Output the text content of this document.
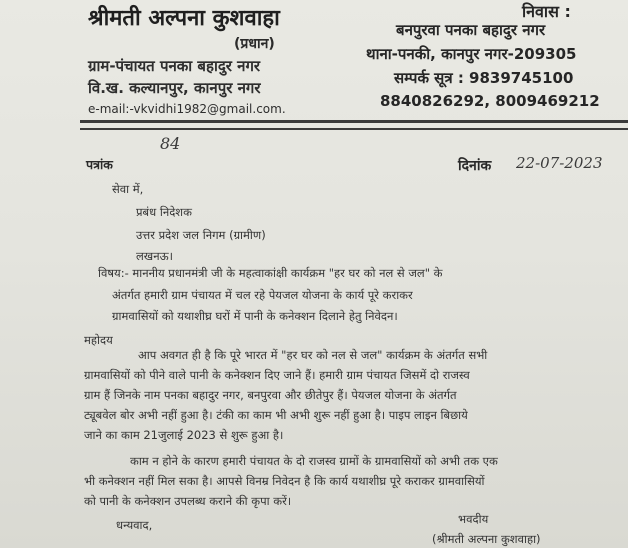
श्रीमती अल्पना कुशवाहा
(प्रधान)
ग्राम-पंचायत पनका बहादुर नगर
वि.ख. कल्यानपुर, कानपुर नगर
e-mail:-vkvidhi1982@gmail.com.
निवास :
बनपुरवा पनका बहादुर नगर
थाना-पनकी, कानपुर नगर-209305
सम्पर्क सूत्र : 9839745100
8840826292, 8009469212
84
पत्रांक	दिनांक 22-07-2023
सेवा में,
प्रबंध निदेशक
उत्तर प्रदेश जल निगम (ग्रामीण)
लखनऊ।
विषय:- माननीय प्रधानमंत्री जी के महत्वाकांक्षी कार्यक्रम "हर घर को नल से जल" के
अंतर्गत हमारी ग्राम पंचायत में चल रहे पेयजल योजना के कार्य पूरे कराकर
ग्रामवासियों को यथाशीघ्र घरों में पानी के कनेक्शन दिलाने हेतु निवेदन।
महोदय
आप अवगत ही है कि पूरे भारत में "हर घर को नल से जल" कार्यक्रम के अंतर्गत सभी
ग्रामवासियों को पीने वाले पानी के कनेक्शन दिए जाने हैं। हमारी ग्राम पंचायत जिसमें दो राजस्व
ग्राम हैं जिनके नाम पनका बहादुर नगर, बनपुरवा और छीतेपुर हैं। पेयजल योजना के अंतर्गत
ट्यूबवेल बोर अभी नहीं हुआ है। टंकी का काम भी अभी शुरू नहीं हुआ है। पाइप लाइन बिछाये
जाने का काम 21जुलाई 2023 से शुरू हुआ है।
काम न होने के कारण हमारी पंचायत के दो राजस्व ग्रामों के ग्रामवासियों को अभी तक एक
भी कनेक्शन नहीं मिल सका है। आपसे विनम्र निवेदन है कि कार्य यथाशीघ्र पूरे कराकर ग्रामवासियों
को पानी के कनेक्शन उपलब्ध कराने की कृपा करें।
भवदीय
धन्यवाद,
(श्रीमती अल्पना कुशवाहा)
